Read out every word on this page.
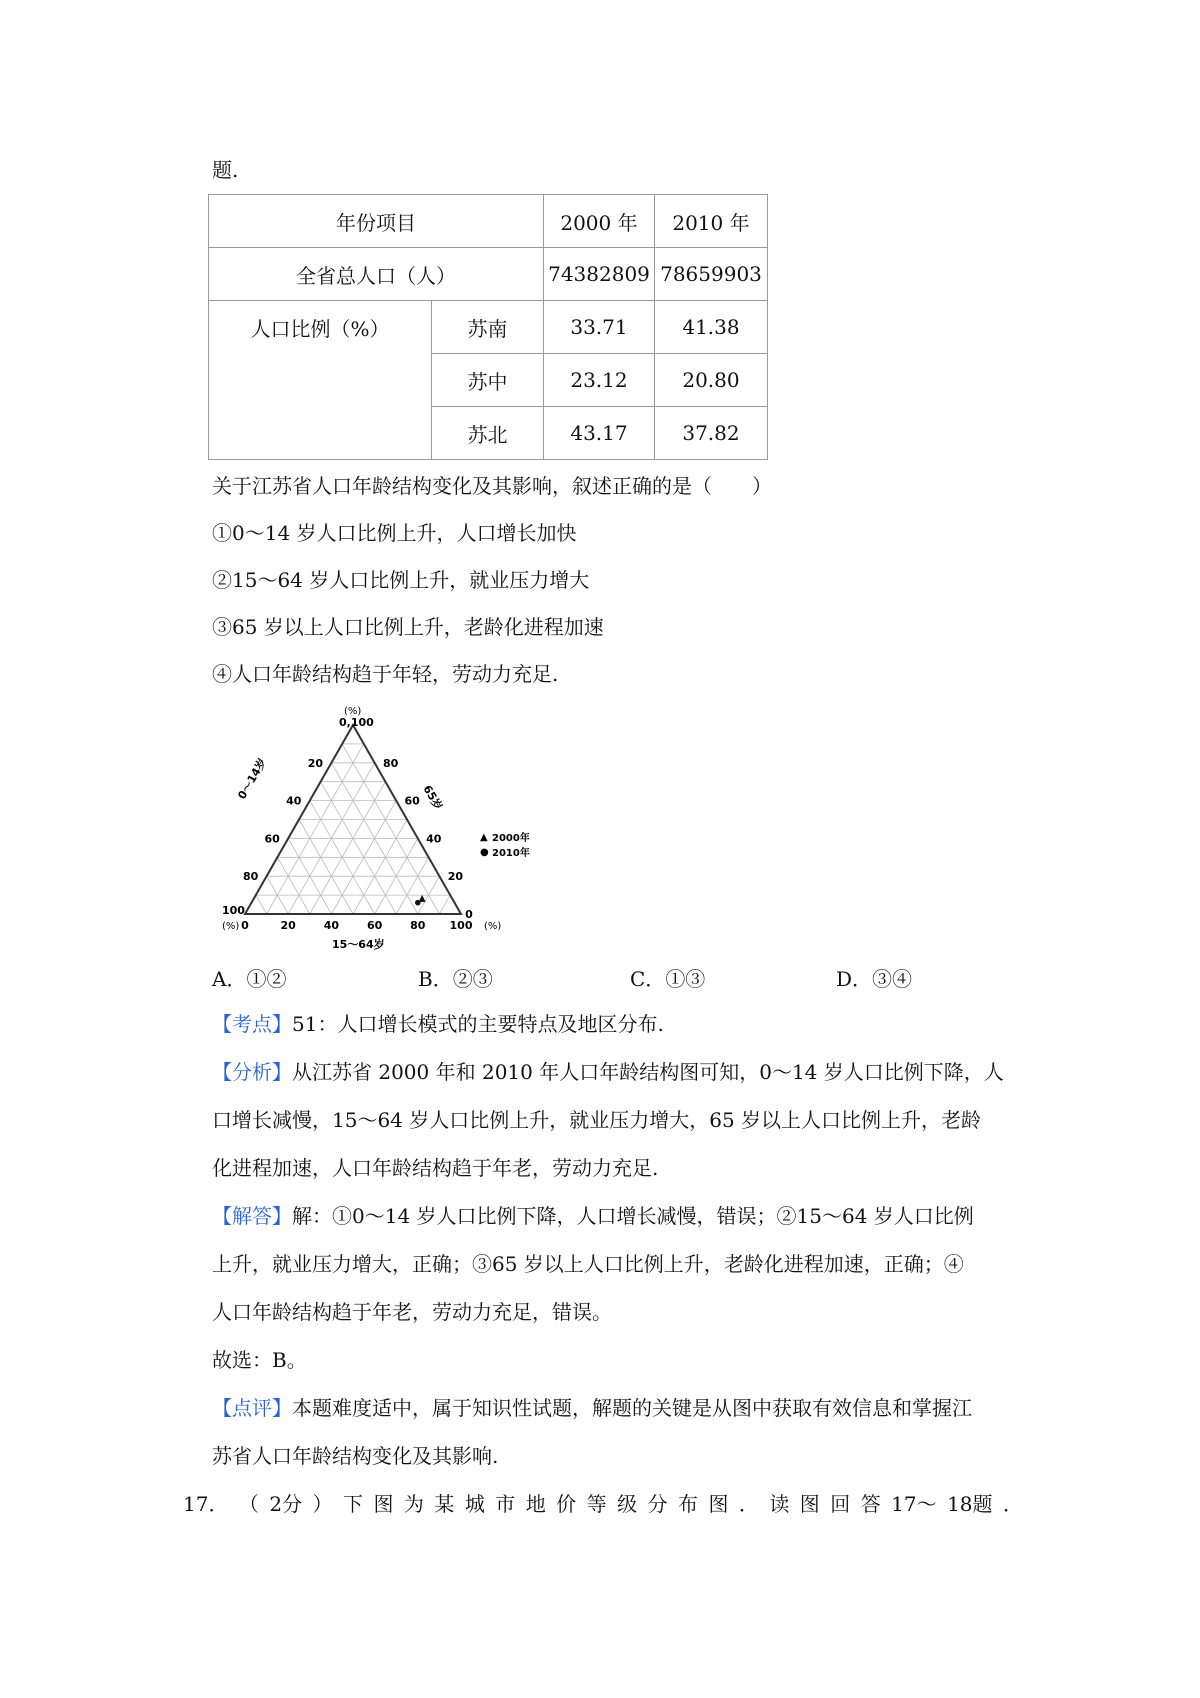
题.
年份项目		2000 年	2010 年
全省总人口（人）		74382809	78659903
人口比例（%）	苏南	33.71	41.38
	苏中	23.12	20.80
	苏北	43.17	37.82
关于江苏省人口年龄结构变化及其影响，叙述正确的是（　　）
①0～14 岁人口比例上升，人口增长加快
②15～64 岁人口比例上升，就业压力增大
③65 岁以上人口比例上升，老龄化进程加速
④人口年龄结构趋于年轻，劳动力充足.
(%)
0,100
0～14岁	65岁
15～64岁
100
(%)	(%)
20
40
60
80
80
60
40
20
0
0	20	40	60	80 100
▲ 2000年
● 2010年
A．①②	B．②③	C．①③	D．③④
【考点】51：人口增长模式的主要特点及地区分布.
【分析】从江苏省 2000 年和 2010 年人口年龄结构图可知，0～14 岁人口比例下降，人
口增长减慢，15～64 岁人口比例上升，就业压力增大，65 岁以上人口比例上升，老龄
化进程加速，人口年龄结构趋于年老，劳动力充足.
【解答】解：①0～14 岁人口比例下降，人口增长减慢，错误；②15～64 岁人口比例
上升，就业压力增大，正确；③65 岁以上人口比例上升，老龄化进程加速，正确；④
人口年龄结构趋于年老，劳动力充足，错误。
故选：B。
【点评】本题难度适中，属于知识性试题，解题的关键是从图中获取有效信息和掌握江
苏省人口年龄结构变化及其影响.
17． （ 2分 ） 下 图 为 某 城 市 地 价 等 级 分 布 图 ． 读 图 回 答 17～ 18题 ．
